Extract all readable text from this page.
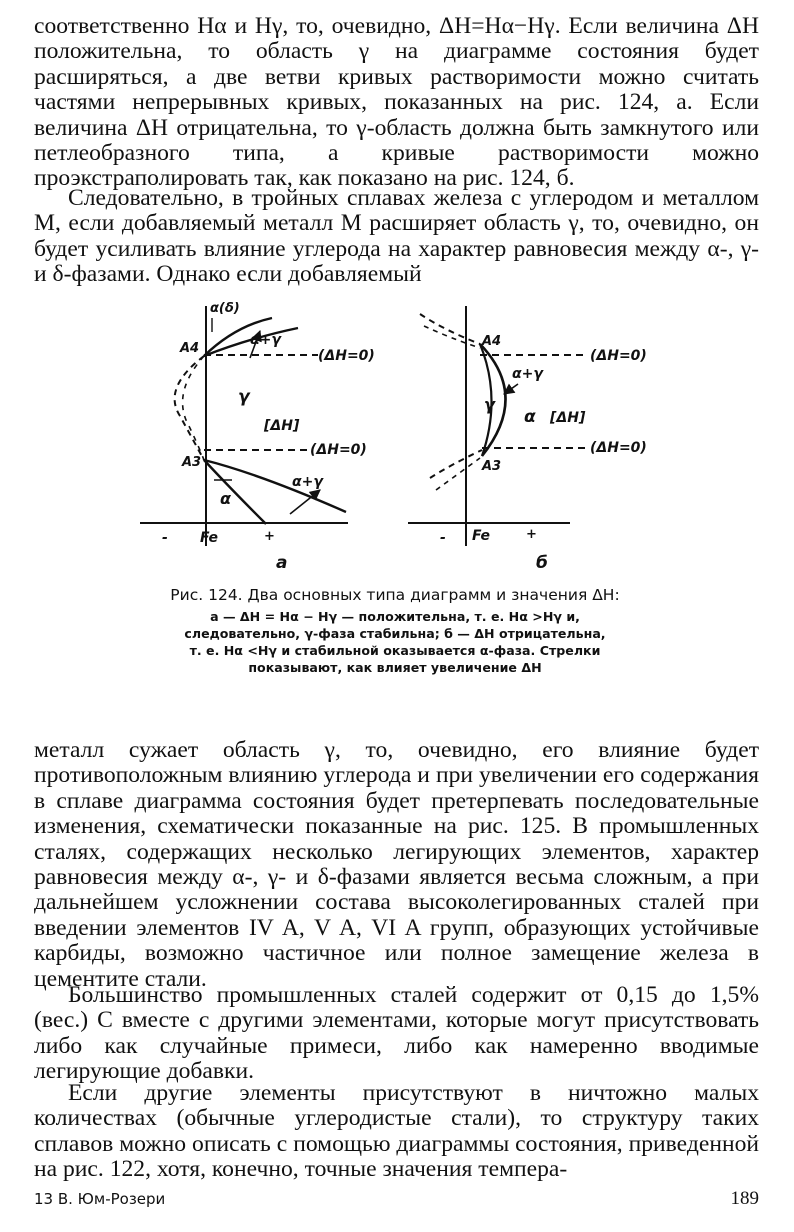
соответственно Hα и Hγ, то, очевидно, ΔH=Hα−Hγ. Если величина ΔH положительна, то область γ на диаграмме состояния будет расширяться, а две ветви кривых растворимости можно считать частями непрерывных кривых, показанных на рис. 124, а. Если величина ΔH отрицательна, то γ-область должна быть замкнутого или петлеобразного типа, а кривые растворимости можно проэкстраполировать так, как показано на рис. 124, б.

Следовательно, в тройных сплавах железа с углеродом и металлом M, если добавляемый металл M расширяет область γ, то, очевидно, он будет усиливать влияние углерода на характер равновесия между α-, γ- и δ-фазами. Однако если добавляемый

α(δ)
A4
α+γ
(ΔH=0)
γ
[ΔH]
(ΔH=0)
A3
α
α+γ
- Fe	+
а
A4
(ΔH=0)
α+γ
γ
α [ΔH]
(ΔH=0)
A3
- Fe	+
б

Рис. 124. Два основных типа диаграмм и значения ΔH:

а — ΔH = Hα − Hγ — положительна, т. е. Hα >Hγ и,

следовательно, γ-фаза стабильна; б — ΔH отрицательна,

т. е. Hα <Hγ и стабильной оказывается α-фаза. Стрелки

показывают, как влияет увеличение ΔH

металл сужает область γ, то, очевидно, его влияние будет противоположным влиянию углерода и при увеличении его содержания в сплаве диаграмма состояния будет претерпевать последовательные изменения, схематически показанные на рис. 125. В промышленных сталях, содержащих несколько легирующих элементов, характер равновесия между α-, γ- и δ-фазами является весьма сложным, а при дальнейшем усложнении состава высоколегированных сталей при введении элементов IV A, V A, VI A групп, образующих устойчивые карбиды, возможно частичное или полное замещение железа в цементите стали.

Большинство промышленных сталей содержит от 0,15 до 1,5% (вес.) C вместе с другими элементами, которые могут присутствовать либо как случайные примеси, либо как намеренно вводимые легирующие добавки.

Если другие элементы присутствуют в ничтожно малых количествах (обычные углеродистые стали), то структуру таких сплавов можно описать с помощью диаграммы состояния, приведенной на рис. 122, хотя, конечно, точные значения темпера-

13 В. Юм-Розери	189
